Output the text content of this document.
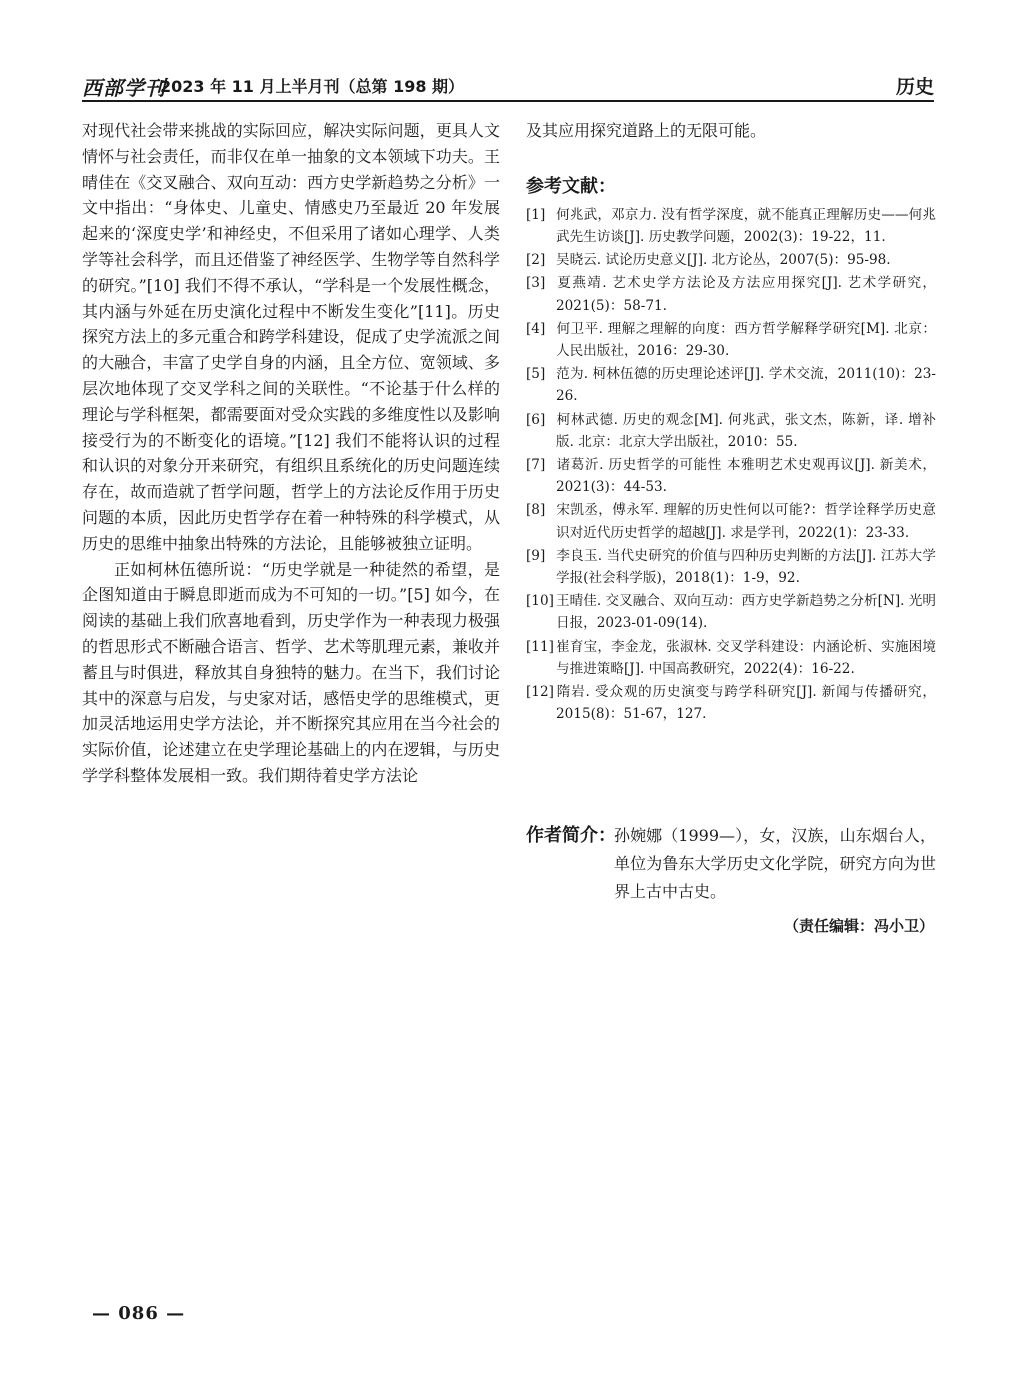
西部学刊
2023 年 11 月上半月刊（总第 198 期）	历史

对现代社会带来挑战的实际回应，解决实际问题，更具人文情怀与社会责任，而非仅在单一抽象的文本领域下功夫。王晴佳在《交叉融合、双向互动：西方史学新趋势之分析》一文中指出：“身体史、儿童史、情感史乃至最近 20 年发展起来的‘深度史学’和神经史，不但采用了诸如心理学、人类学等社会科学，而且还借鉴了神经医学、生物学等自然科学的研究。”[10] 我们不得不承认，“学科是一个发展性概念，其内涵与外延在历史演化过程中不断发生变化”[11]。历史探究方法上的多元重合和跨学科建设，促成了史学流派之间的大融合，丰富了史学自身的内涵，且全方位、宽领域、多层次地体现了交叉学科之间的关联性。“不论基于什么样的理论与学科框架，都需要面对受众实践的多维度性以及影响接受行为的不断变化的语境。”[12] 我们不能将认识的过程和认识的对象分开来研究，有组织且系统化的历史问题连续存在，故而造就了哲学问题，哲学上的方法论反作用于历史问题的本质，因此历史哲学存在着一种特殊的科学模式，从历史的思维中抽象出特殊的方法论，且能够被独立证明。

正如柯林伍德所说：“历史学就是一种徒然的希望，是企图知道由于瞬息即逝而成为不可知的一切。”[5] 如今，在阅读的基础上我们欣喜地看到，历史学作为一种表现力极强的哲思形式不断融合语言、哲学、艺术等肌理元素，兼收并蓄且与时俱进，释放其自身独特的魅力。在当下，我们讨论其中的深意与启发，与史家对话，感悟史学的思维模式，更加灵活地运用史学方法论，并不断探究其应用在当今社会的实际价值，论述建立在史学理论基础上的内在逻辑，与历史学学科整体发展相一致。我们期待着史学方法论

及其应用探究道路上的无限可能。

参考文献：
[1] 何兆武，邓京力. 没有哲学深度，就不能真正理解历史——何兆武先生访谈[J]. 历史教学问题，2002(3)：19-22，11.
[2] 吴晓云. 试论历史意义[J]. 北方论丛，2007(5)：95-98.
[3] 夏燕靖. 艺术史学方法论及方法应用探究[J]. 艺术学研究，2021(5)：58-71.
[4] 何卫平. 理解之理解的向度：西方哲学解释学研究[M]. 北京：人民出版社，2016：29-30.
[5] 范为. 柯林伍德的历史理论述评[J]. 学术交流，2011(10)：23-26.
[6] 柯林武德. 历史的观念[M]. 何兆武，张文杰，陈新，译. 增补版. 北京：北京大学出版社，2010：55.
[7] 诸葛沂. 历史哲学的可能性 本雅明艺术史观再议[J]. 新美术，2021(3)：44-53.
[8] 宋凯丞，傅永军. 理解的历史性何以可能?：哲学诠释学历史意识对近代历史哲学的超越[J]. 求是学刊，2022(1)：23-33.
[9] 李良玉. 当代史研究的价值与四种历史判断的方法[J]. 江苏大学学报(社会科学版)，2018(1)：1-9，92.
[10] 王晴佳. 交叉融合、双向互动：西方史学新趋势之分析[N]. 光明日报，2023-01-09(14).
[11] 崔育宝，李金龙，张淑林. 交叉学科建设：内涵论析、实施困境与推进策略[J]. 中国高教研究，2022(4)：16-22.
[12] 隋岩. 受众观的历史演变与跨学科研究[J]. 新闻与传播研究，2015(8)：51-67，127.
作者简介：
孙婉娜（1999—），女，汉族，山东烟台人，单位为鲁东大学历史文化学院，研究方向为世界上古中古史。
（责任编辑：冯小卫）
— 086 —
